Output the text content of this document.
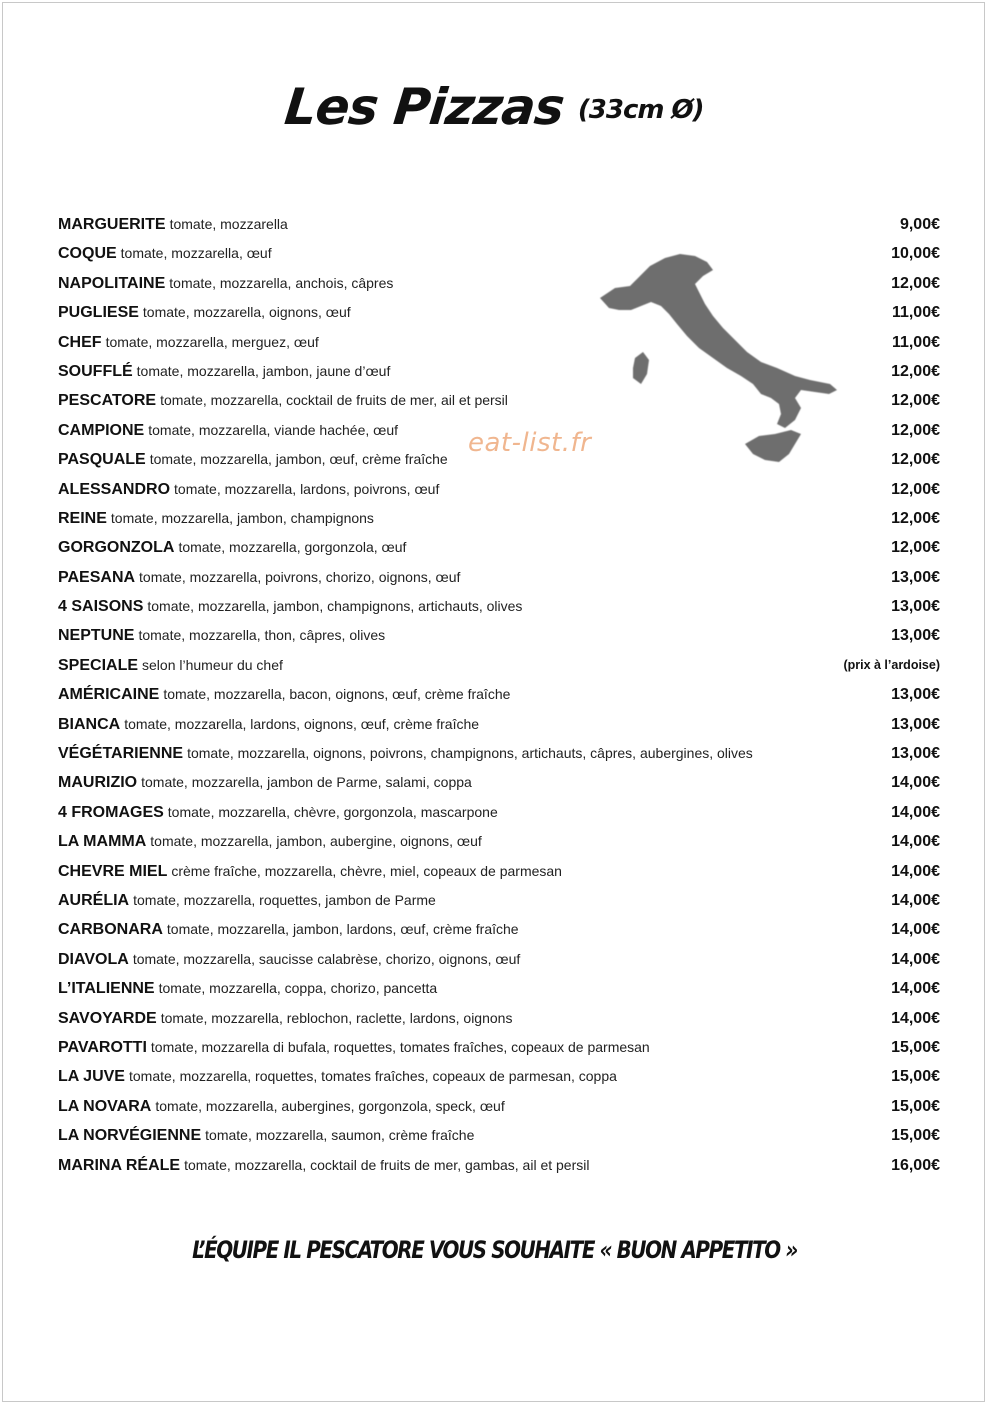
Les Pizzas (33cm Ø)
eat-list.fr
MARGUERITE tomate, mozzarella	9,00€
COQUE tomate, mozzarella, œuf	10,00€
NAPOLITAINE tomate, mozzarella, anchois, câpres	12,00€
PUGLIESE tomate, mozzarella, oignons, œuf	11,00€
CHEF tomate, mozzarella, merguez, œuf	11,00€
SOUFFLÉ tomate, mozzarella, jambon, jaune d’œuf	12,00€
PESCATORE tomate, mozzarella, cocktail de fruits de mer, ail et persil	12,00€
CAMPIONE tomate, mozzarella, viande hachée, œuf	12,00€
PASQUALE tomate, mozzarella, jambon, œuf, crème fraîche	12,00€
ALESSANDRO tomate, mozzarella, lardons, poivrons, œuf	12,00€
REINE tomate, mozzarella, jambon, champignons	12,00€
GORGONZOLA tomate, mozzarella, gorgonzola, œuf	12,00€
PAESANA tomate, mozzarella, poivrons, chorizo, oignons, œuf	13,00€
4 SAISONS tomate, mozzarella, jambon, champignons, artichauts, olives	13,00€
NEPTUNE tomate, mozzarella, thon, câpres, olives	13,00€
SPECIALE selon l’humeur du chef	(prix à l’ardoise)
AMÉRICAINE tomate, mozzarella, bacon, oignons, œuf, crème fraîche	13,00€
BIANCA tomate, mozzarella, lardons, oignons, œuf, crème fraîche	13,00€
VÉGÉTARIENNE tomate, mozzarella, oignons, poivrons, champignons, artichauts, câpres, aubergines, olives	13,00€
MAURIZIO tomate, mozzarella, jambon de Parme, salami, coppa	14,00€
4 FROMAGES tomate, mozzarella, chèvre, gorgonzola, mascarpone	14,00€
LA MAMMA tomate, mozzarella, jambon, aubergine, oignons, œuf	14,00€
CHEVRE MIEL crème fraîche, mozzarella, chèvre, miel, copeaux de parmesan	14,00€
AURÉLIA tomate, mozzarella, roquettes, jambon de Parme	14,00€
CARBONARA tomate, mozzarella, jambon, lardons, œuf, crème fraîche	14,00€
DIAVOLA tomate, mozzarella, saucisse calabrèse, chorizo, oignons, œuf	14,00€
L’ITALIENNE tomate, mozzarella, coppa, chorizo, pancetta	14,00€
SAVOYARDE tomate, mozzarella, reblochon, raclette, lardons, oignons	14,00€
PAVAROTTI tomate, mozzarella di bufala, roquettes, tomates fraîches, copeaux de parmesan	15,00€
LA JUVE tomate, mozzarella, roquettes, tomates fraîches, copeaux de parmesan, coppa	15,00€
LA NOVARA tomate, mozzarella, aubergines, gorgonzola, speck, œuf	15,00€
LA NORVÉGIENNE tomate, mozzarella, saumon, crème fraîche	15,00€
MARINA RÉALE tomate, mozzarella, cocktail de fruits de mer, gambas, ail et persil	16,00€
L’ÉQUIPE IL PESCATORE VOUS SOUHAITE « BUON APPETITO »
